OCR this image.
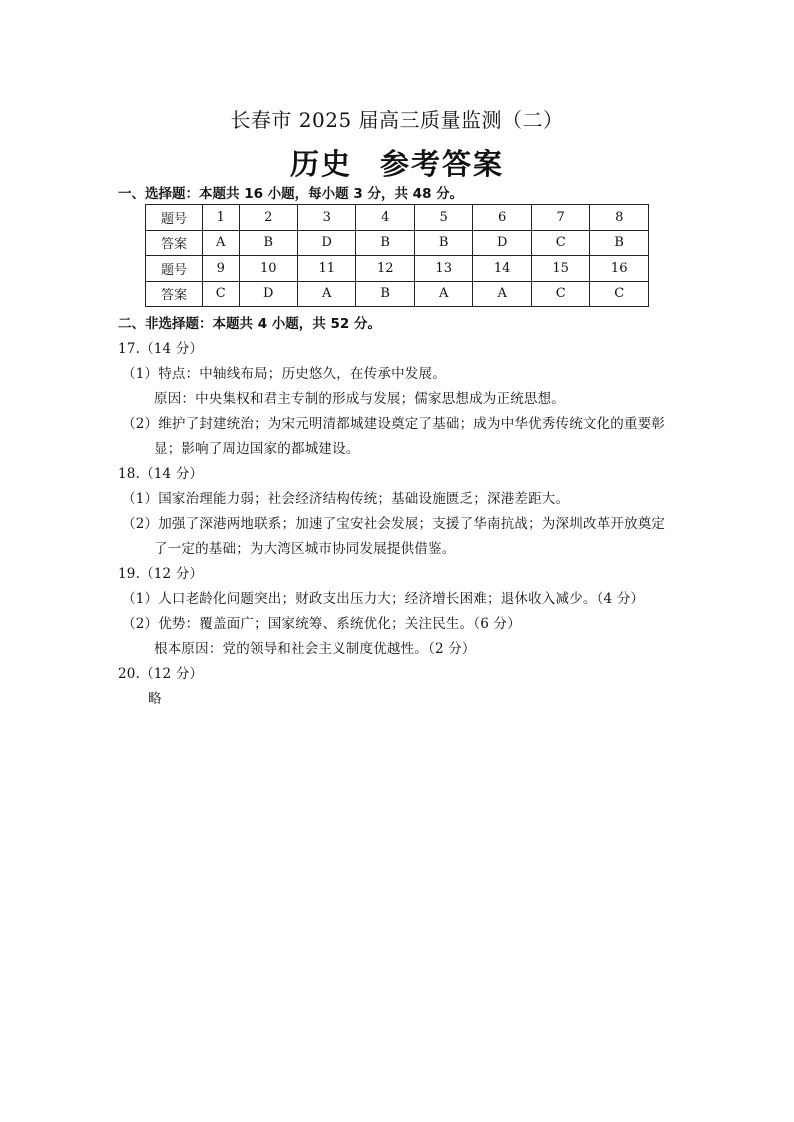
长春市 2025 届高三质量监测（二）
历史 参考答案
一、选择题：本题共 16 小题，每小题 3 分，共 48 分。
题号	1	2	3	4	5	6	7	8
答案	A	B	D	B	B	D	C	B
题号	9	10	11	12	13	14	15	16
答案	C	D	A	B	A	A	C	C
二、非选择题：本题共 4 小题，共 52 分。
17.（14 分）
（1）特点：中轴线布局；历史悠久，在传承中发展。
原因：中央集权和君主专制的形成与发展；儒家思想成为正统思想。
（2）维护了封建统治；为宋元明清都城建设奠定了基础；成为中华优秀传统文化的重要彰
显；影响了周边国家的都城建设。
18.（14 分）
（1）国家治理能力弱；社会经济结构传统；基础设施匮乏；深港差距大。
（2）加强了深港两地联系；加速了宝安社会发展；支援了华南抗战；为深圳改革开放奠定
了一定的基础；为大湾区城市协同发展提供借鉴。
19.（12 分）
（1）人口老龄化问题突出；财政支出压力大；经济增长困难；退休收入减少。（4 分）
（2）优势：覆盖面广；国家统筹、系统优化；关注民生。（6 分）
根本原因：党的领导和社会主义制度优越性。（2 分）
20.（12 分）
略
